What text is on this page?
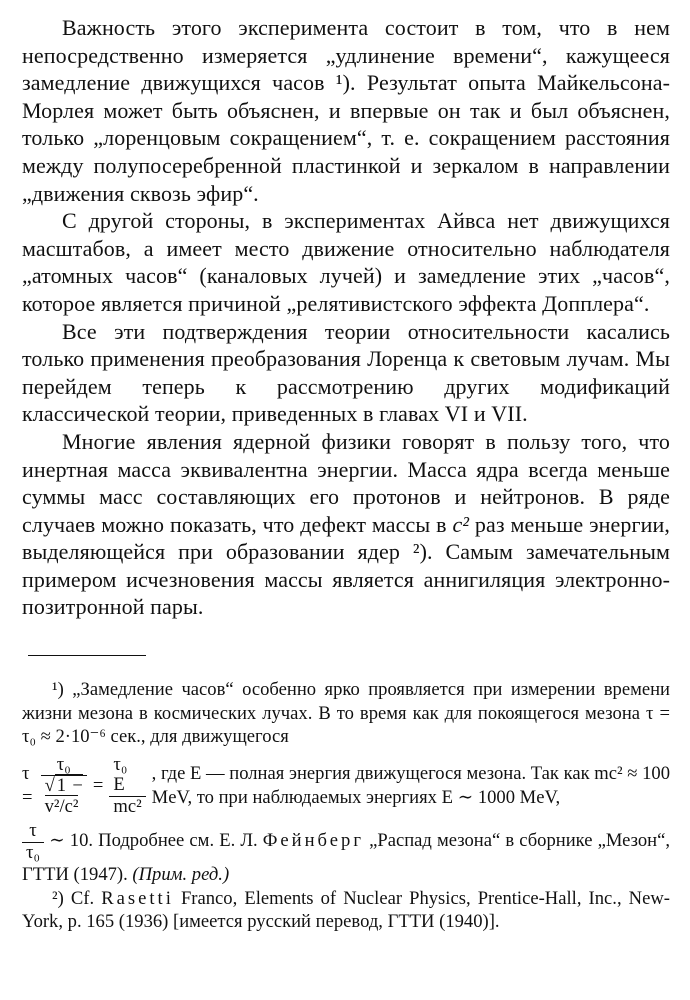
Важность этого эксперимента состоит в том, что в нем непосредственно измеряется „удлинение времени“, кажущееся замедление движущихся часов ¹). Результат опыта Майкельсона-Морлея может быть объяснен, и впервые он так и был объяснен, только „лоренцовым сокращением“, т. е. сокращением расстояния между полупосеребренной пластинкой и зеркалом в направлении „движения сквозь эфир“.

С другой стороны, в экспериментах Айвса нет движущихся масштабов, а имеет место движение относительно наблюдателя „атомных часов“ (каналовых лучей) и замедление этих „часов“, которое является причиной „релятивистского эффекта Допплера“.

Все эти подтверждения теории относительности касались только применения преобразования Лоренца к световым лучам. Мы перейдем теперь к рассмотрению других модификаций классической теории, приведенных в главах VI и VII.

Многие явления ядерной физики говорят в пользу того, что инертная масса эквивалентна энергии. Масса ядра всегда меньше суммы масс составляющих его протонов и нейтронов. В ряде случаев можно показать, что дефект массы в c² раз меньше энергии, выделяющейся при образовании ядер ²). Самым замечательным примером исчезновения массы является аннигиляция электронно-позитронной пары.

¹) „Замедление часов“ особенно ярко проявляется при измерении времени жизни мезона в космических лучах. В то время как для покоящегося мезона τ = τ₀ ≈ 2·10⁻⁶ сек., для движущегося

$\tau = \frac{\text{τ₀}}{\text{√ 1 − v²/c²}} = \frac{\text{τ₀ E}}{\text{mc²}}$ , где E — полная энергия движущегося мезона. Так как mc² ≈ 100 MeV, то при наблюдаемых энергиях E ∼ 1000 MeV,

$\frac{\tau}{\text{τ₀}}$ ∼ 10. Подробнее см. Е. Л. Фейнберг „Распад мезона“ в сборнике „Мезон“, ГТТИ (1947). (Прим. ред.)

²) Cf. Rasetti Franco, Elements of Nuclear Physics, Prentice-Hall, Inc., New-York, p. 165 (1936) [имеется русский перевод, ГТТИ (1940)].
